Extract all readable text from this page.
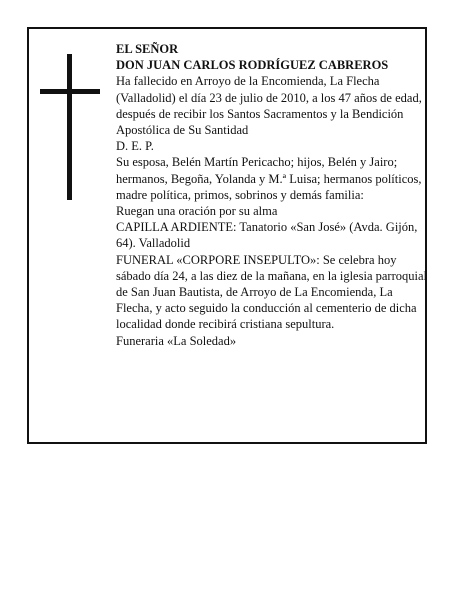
EL SEÑOR

DON JUAN CARLOS RODRÍGUEZ CABREROS

Ha fallecido en Arroyo de la Encomienda, La Flecha (Valladolid) el día 23 de julio de 2010, a los 47 años de edad, después de recibir los Santos Sacramentos y la Bendición Apostólica de Su Santidad

D. E. P.

Su esposa, Belén Martín Pericacho; hijos, Belén y Jairo; hermanos, Begoña, Yolanda y M.ª Luisa; hermanos políticos, madre política, primos, sobrinos y demás familia:

Ruegan una oración por su alma

CAPILLA ARDIENTE: Tanatorio «San José» (Avda. Gijón, 64). Valladolid

FUNERAL «CORPORE INSEPULTO»: Se celebra hoy sábado día 24, a las diez de la mañana, en la iglesia parroquial de San Juan Bautista, de Arroyo de La Encomienda, La Flecha, y acto seguido la conducción al cementerio de dicha localidad donde recibirá cristiana sepultura.

Funeraria «La Soledad»
